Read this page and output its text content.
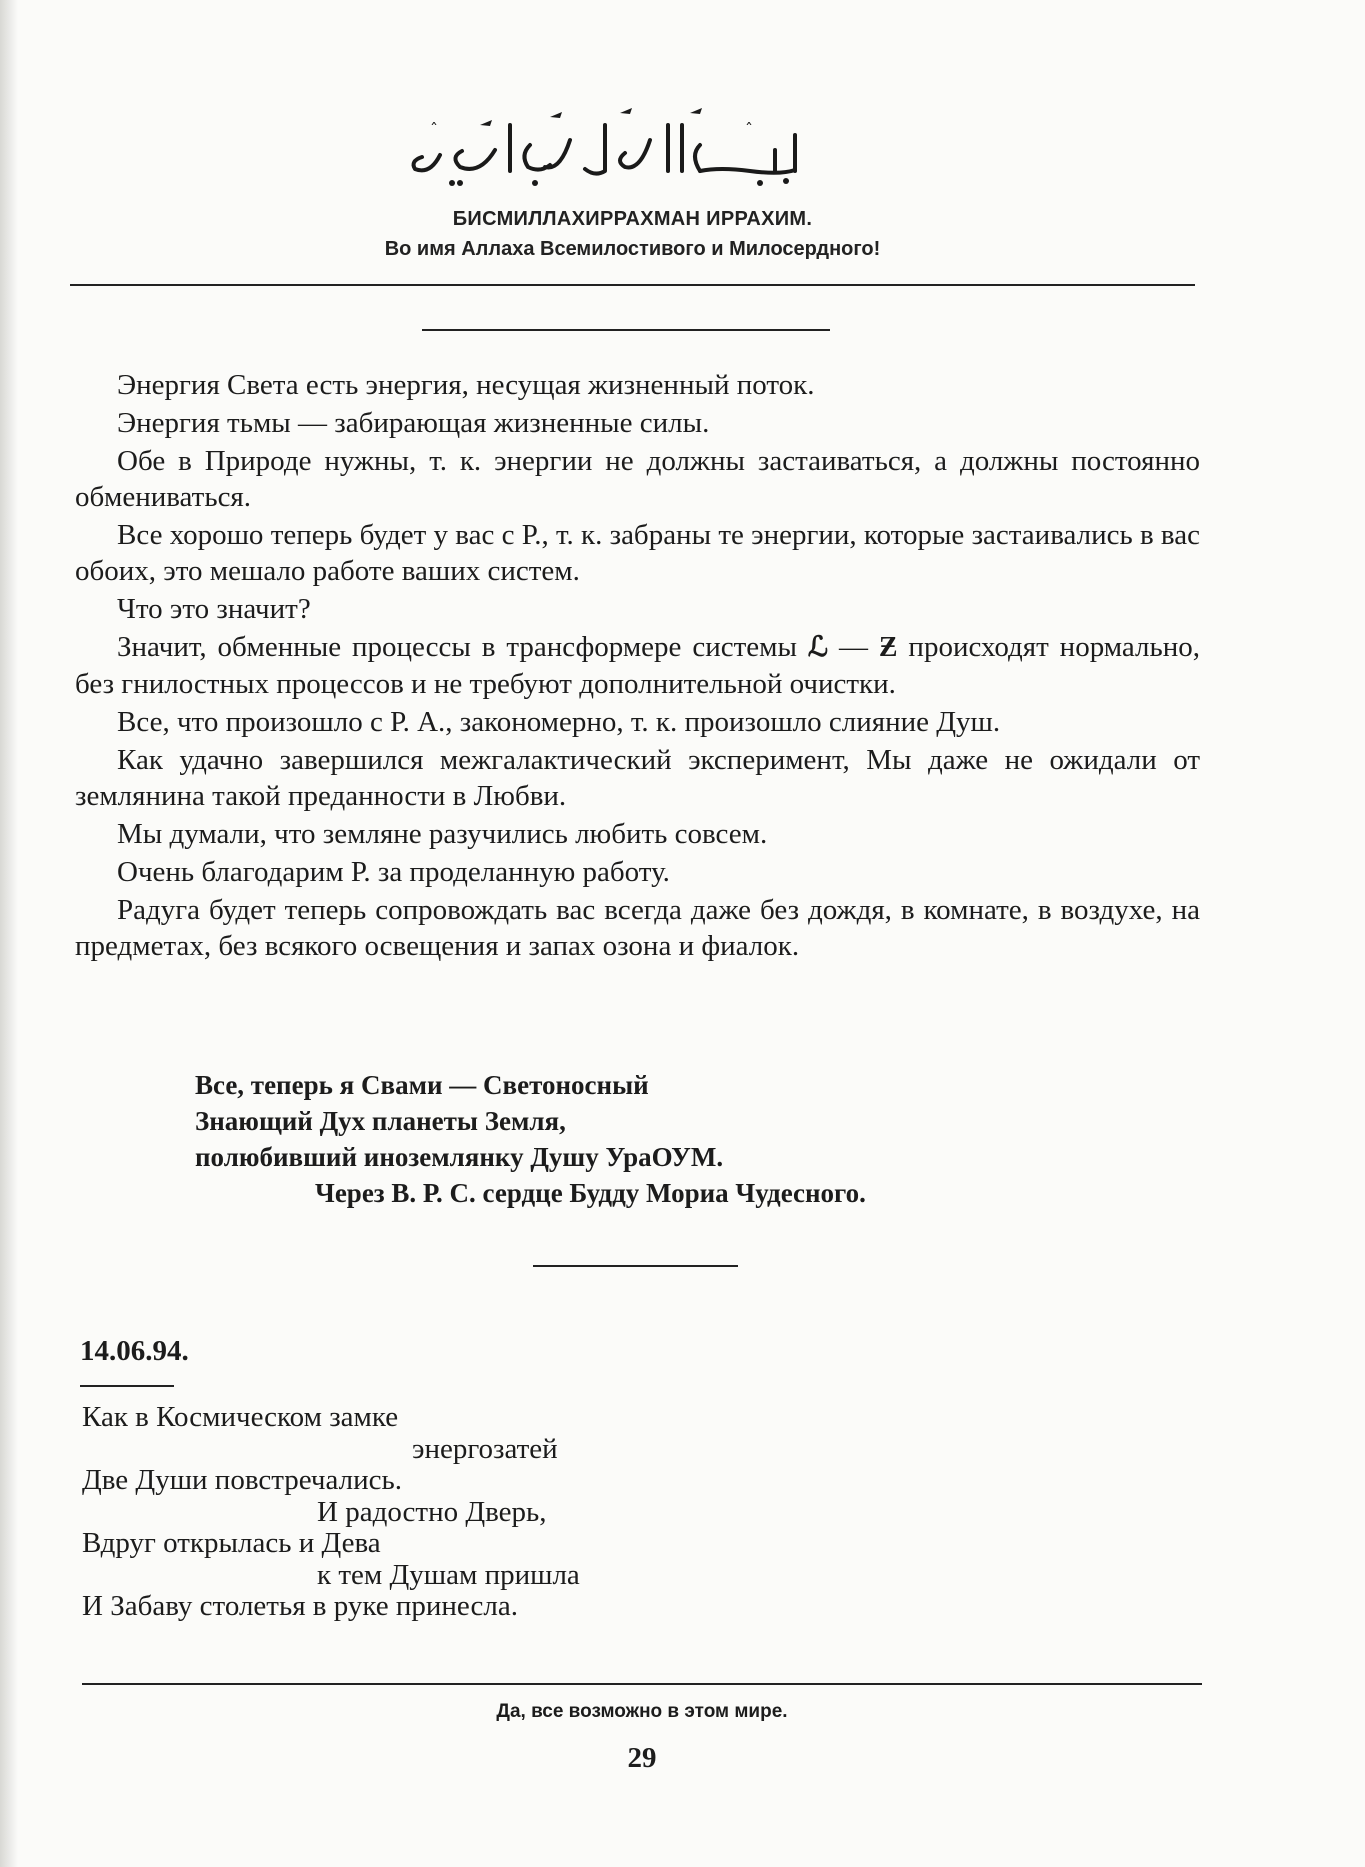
ˆ
ˆ
БИСМИЛЛАХИРРАХМАН ИРРАХИМ.
Во имя Аллаха Всемилостивого и Милосердного!

Энергия Света есть энергия, несущая жизненный поток.

Энергия тьмы — забирающая жизненные силы.

Обе в Природе нужны, т. к. энергии не должны застаиваться, а должны постоянно обмениваться.

Все хорошо теперь будет у вас с Р., т. к. забраны те энергии, которые застаивались в вас обоих, это мешало работе ваших систем.

Что это значит?

Значит, обменные процессы в трансформере системы ℒ — Ƶ происходят нормально, без гнилостных процессов и не требуют дополнительной очистки.

Все, что произошло с Р. А., закономерно, т. к. произошло слияние Душ.

Как удачно завершился межгалактический эксперимент, Мы даже не ожидали от землянина такой преданности в Любви.

Мы думали, что земляне разучились любить совсем.

Очень благодарим Р. за проделанную работу.

Радуга будет теперь сопровождать вас всегда даже без дождя, в комнате, в воздухе, на предметах, без всякого освещения и запах озона и фиалок.

Все, теперь я Свами — Светоносный
Знающий Дух планеты Земля,
полюбивший иноземлянку Душу УраОУМ.
Через В. Р. С. сердце Будду Мориа Чудесного.
14.06.94.
Как в Космическом замке
энергозатей
Две Души повстречались.
И радостно Дверь,
Вдруг открылась и Дева
к тем Душам пришла
И Забаву столетья в руке принесла.
Да, все возможно в этом мире.
29
